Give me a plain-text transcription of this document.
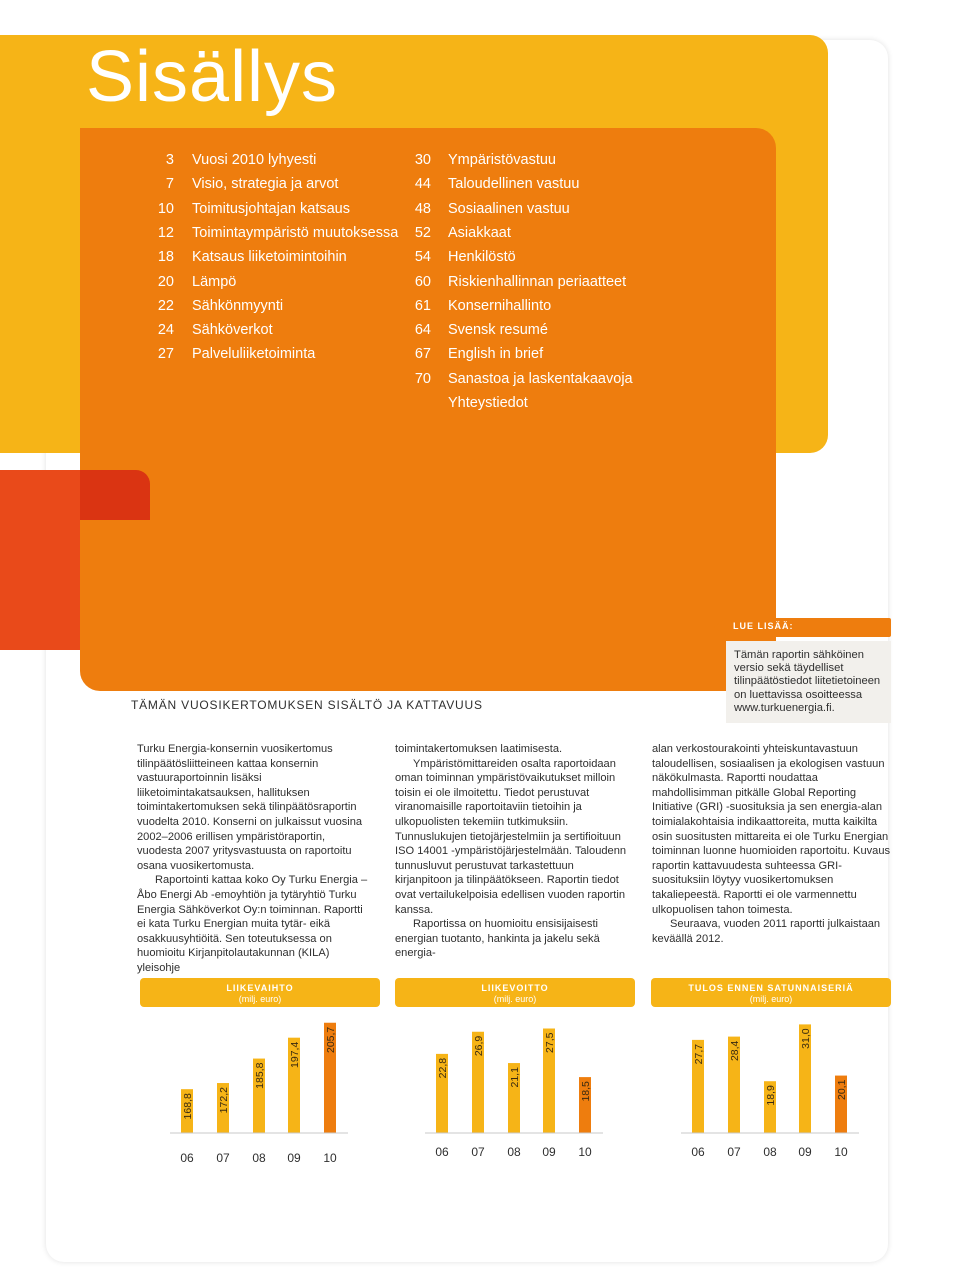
Sisällys
3 Vuosi 2010 lyhyesti
7 Visio, strategia ja arvot
10 Toimitusjohtajan katsaus
12 Toimintaympäristö muutoksessa
18 Katsaus liiketoimintoihin
20 Lämpö
22 Sähkönmyynti
24 Sähköverkot
27 Palveluliiketoiminta
30 Ympäristövastuu
44 Taloudellinen vastuu
48 Sosiaalinen vastuu
52 Asiakkaat
54 Henkilöstö
60 Riskienhallinnan periaatteet
61 Konsernihallinto
64 Svensk resumé
67 English in brief
70 Sanastoa ja laskentakaavoja
Yhteystiedot
LUE LISÄÄ:
Tämän raportin sähköinen versio sekä täydelliset tilinpäätöstiedot liitetietoineen on luettavissa osoitteessa www.turkuenergia.fi.
TÄMÄN VUOSIKERTOMUKSEN SISÄLTÖ JA KATTAVUUS

Turku Energia-konsernin vuosikertomus tilinpäätösliitteineen kattaa konsernin vastuuraportoinnin lisäksi liiketoimintakatsauksen, hallituksen toimintakertomuksen sekä tilinpäätösraportin vuodelta 2010. Konserni on julkaissut vuosina 2002–2006 erillisen ympäristöraportin, vuodesta 2007 yritysvastuusta on raportoitu osana vuosikertomusta.

Raportointi kattaa koko Oy Turku Energia – Åbo Energi Ab -emoyhtiön ja tytäryhtiö Turku Energia Sähköverkot Oy:n toiminnan. Raportti ei kata Turku Energian muita tytär- eikä osakkuusyhtiöitä. Sen toteutuksessa on huomioitu Kirjanpitolautakunnan (KILA) yleisohje

toimintakertomuksen laatimisesta.

Ympäristömittareiden osalta raportoidaan oman toiminnan ympäristövaikutukset milloin toisin ei ole ilmoitettu. Tiedot perustuvat viranomaisille raportoitaviin tietoihin ja ulkopuolisten tekemiin tutkimuksiin. Tunnuslukujen tietojärjestelmiin ja sertifioituun ISO 14001 -ympäristöjärjestelmään. Taloudenn tunnusluvut perustuvat tarkastettuun kirjanpitoon ja tilinpäätökseen. Raportin tiedot ovat vertailukelpoisia edellisen vuoden raportin kanssa.

Raportissa on huomioitu ensisijaisesti energian tuotanto, hankinta ja jakelu sekä energia-

alan verkostourakointi yhteiskuntavastuun taloudellisen, sosiaalisen ja ekologisen vastuun näkökulmasta. Raportti noudattaa mahdollisimman pitkälle Global Reporting Initiative (GRI) -suosituksia ja sen energia-alan toimialakohtaisia indikaattoreita, mutta kaikilta osin suositusten mittareita ei ole Turku Energian toiminnan luonne huomioiden raportoitu. Kuvaus raportin kattavuudesta suhteessa GRI-suosituksiin löytyy vuosikertomuksen takaliepeestä. Raportti ei ole varmennettu ulkopuolisen tahon toimesta.

Seuraava, vuoden 2011 raportti julkaistaan keväällä 2012.

LIIKEVAIHTO
(milj. euro)
168,8
06
172,2
07
185,8
08
197,4
09
205,7
10
LIIKEVOITTO
(milj. euro)
22,8
06
26,9
07
21,1
08
27,5
09
18,5
10
TULOS ENNEN SATUNNAISERIÄ
(milj. euro)
27,7
06
28,4
07
18,9
08
31,0
09
20,1
10
